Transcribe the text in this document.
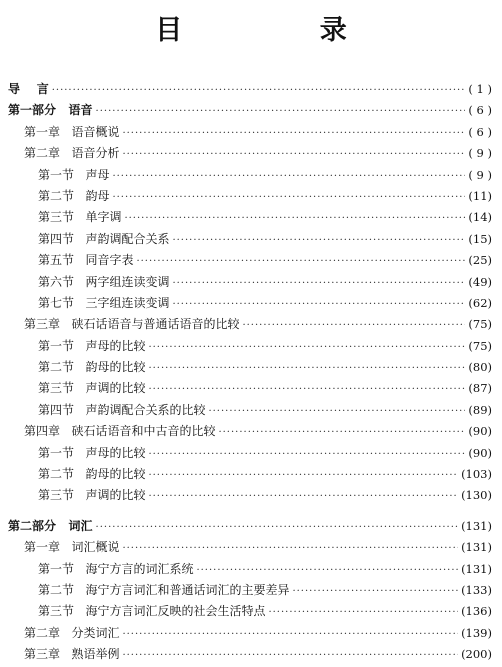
目 录
导    言 ·····	( 1 )
第一部分   语音 ·····	( 6 )
第一章   语音概说 ·····	( 6 )
第二章   语音分析 ·····	( 9 )
第一节   声母 ·····	( 9 )
第二节   韵母 ·····	(11)
第三节   单字调 ·····	(14)
第四节   声韵调配合关系 ·····	(15)
第五节   同音字表 ·····	(25)
第六节   两字组连读变调 ·····	(49)
第七节   三字组连读变调 ·····	(62)
第三章   硖石话语音与普通话语音的比较 ·····	(75)
第一节   声母的比较 ·····	(75)
第二节   韵母的比较 ·····	(80)
第三节   声调的比较 ·····	(87)
第四节   声韵调配合关系的比较 ·····	(89)
第四章   硖石话语音和中古音的比较 ·····	(90)
第一节   声母的比较 ·····	(90)
第二节   韵母的比较 ·····	(103)
第三节   声调的比较 ·····	(130)
第二部分   词汇 ·····	(131)
第一章   词汇概说 ·····	(131)
第一节   海宁方言的词汇系统 ·····	(131)
第二节   海宁方言词汇和普通话词汇的主要差异 ·····	(133)
第三节   海宁方言词汇反映的社会生活特点 ·····	(136)
第二章   分类词汇 ·····	(139)
第三章   熟语举例 ·····	(200)
